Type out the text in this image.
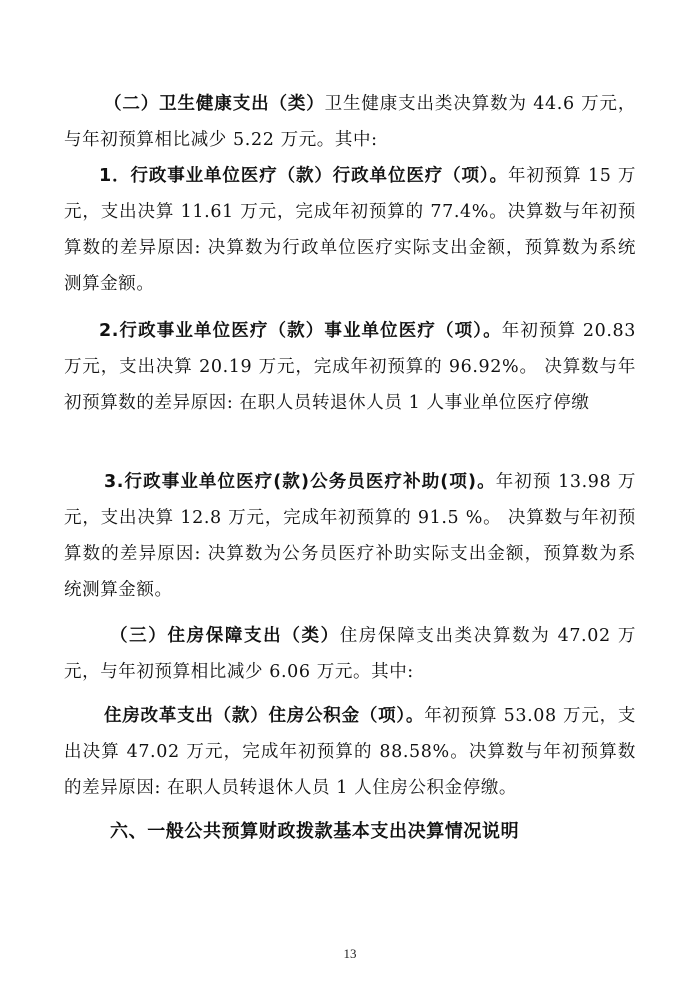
（二）卫生健康支出（类）卫生健康支出类决算数为 44.6 万元，与年初预算相比减少 5.22 万元。其中:

1．行政事业单位医疗（款）行政单位医疗（项）。年初预算 15 万元，支出决算 11.61 万元，完成年初预算的 77.4%。决算数与年初预算数的差异原因: 决算数为行政单位医疗实际支出金额，预算数为系统测算金额。

2.行政事业单位医疗（款）事业单位医疗（项）。年初预算 20.83 万元，支出决算 20.19 万元，完成年初预算的 96.92%。 决算数与年初预算数的差异原因: 在职人员转退休人员 1 人事业单位医疗停缴

3.行政事业单位医疗(款)公务员医疗补助(项)。年初预 13.98 万元，支出决算 12.8 万元，完成年初预算的 91.5 %。 决算数与年初预算数的差异原因: 决算数为公务员医疗补助实际支出金额，预算数为系统测算金额。

（三）住房保障支出（类）住房保障支出类决算数为 47.02 万元，与年初预算相比减少 6.06 万元。其中:

住房改革支出（款）住房公积金（项）。年初预算 53.08 万元，支出决算 47.02 万元，完成年初预算的 88.58%。决算数与年初预算数的差异原因: 在职人员转退休人员 1 人住房公积金停缴。

六、一般公共预算财政拨款基本支出决算情况说明

13
